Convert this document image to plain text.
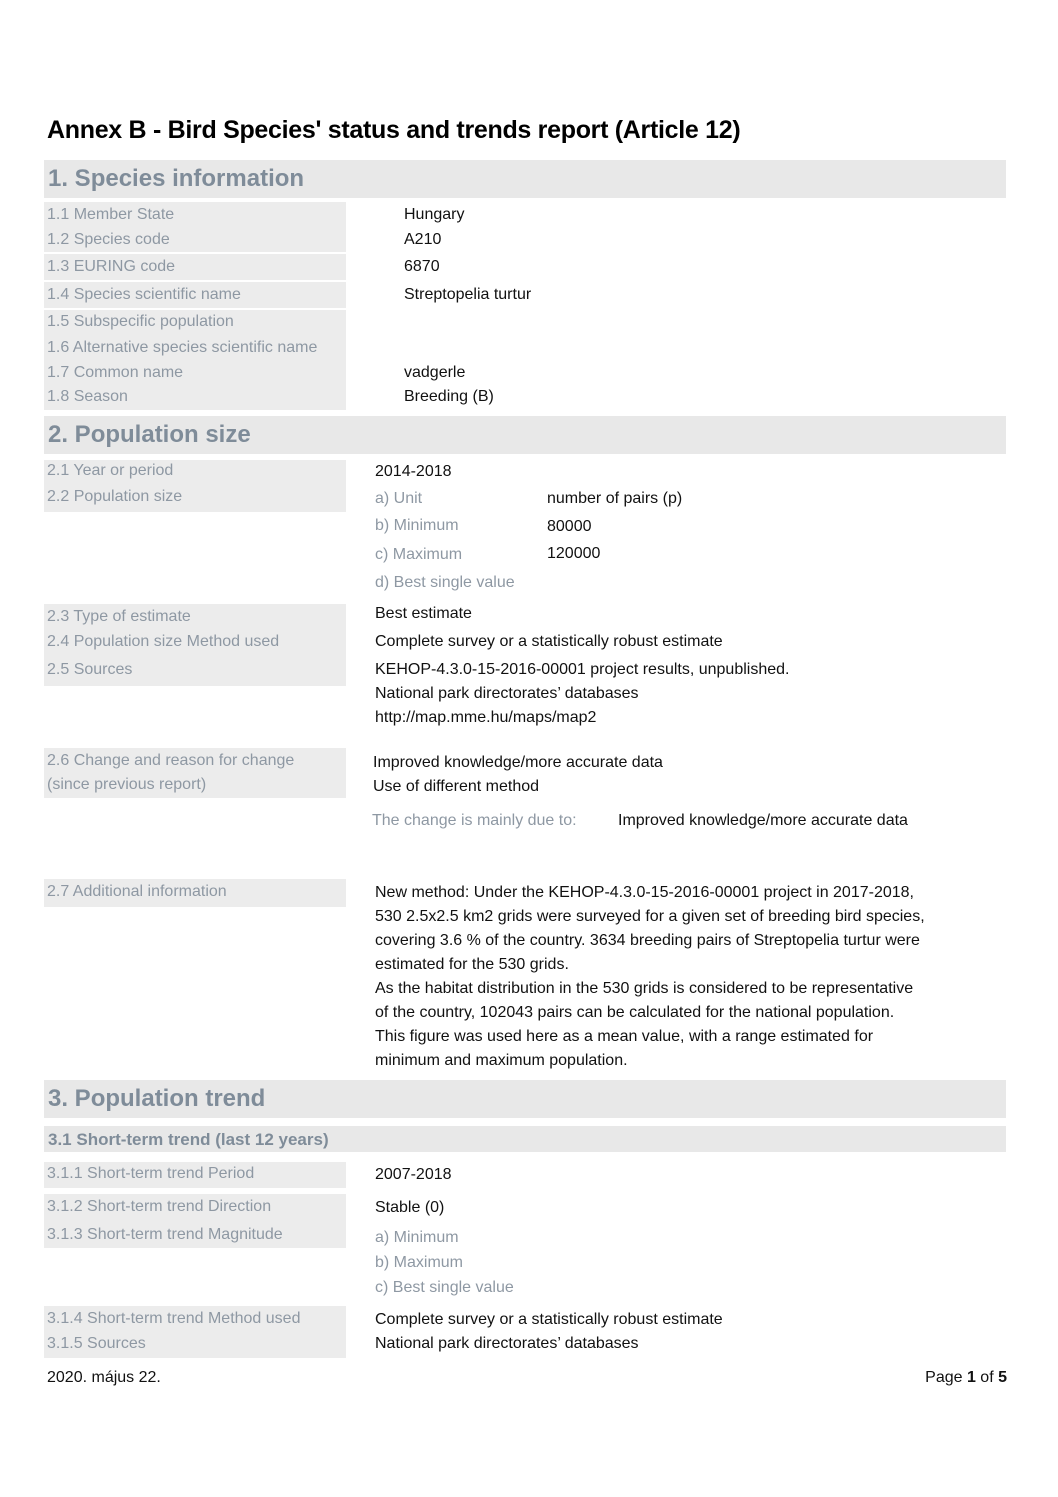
Annex B - Bird Species' status and trends report (Article 12)
1. Species information
1.1 Member State	Hungary
1.2 Species code	A210
1.3 EURING code	6870
1.4 Species scientific name	Streptopelia turtur
1.5 Subspecific population
1.6 Alternative species scientific name
1.7 Common name	vadgerle
1.8 Season	Breeding (B)
2. Population size
2.1 Year or period	2014-2018
2.2 Population size	a) Unit	number of pairs (p)
b) Minimum	80000
c) Maximum	120000
d) Best single value
2.3 Type of estimate	Best estimate
2.4 Population size Method used	Complete survey or a statistically robust estimate
2.5 Sources	KEHOP-4.3.0-15-2016-00001 project results, unpublished.
National park directorates’ databases
http://map.mme.hu/maps/map2
2.6 Change and reason for change
(since previous report)
Improved knowledge/more accurate data
Use of different method
The change is mainly due to:	Improved knowledge/more accurate data
2.7 Additional information	New method: Under the KEHOP-4.3.0-15-2016-00001 project in 2017-2018,
530 2.5x2.5 km2 grids were surveyed for a given set of breeding bird species,
covering 3.6 % of the country. 3634 breeding pairs of Streptopelia turtur were
estimated for the 530 grids.
As the habitat distribution in the 530 grids is considered to be representative
of the country, 102043 pairs can be calculated for the national population.
This figure was used here as a mean value, with a range estimated for
minimum and maximum population.
3. Population trend
3.1 Short-term trend (last 12 years)
3.1.1 Short-term trend Period	2007-2018
3.1.2 Short-term trend Direction	Stable (0)
3.1.3 Short-term trend Magnitude	a) Minimum
b) Maximum
c) Best single value
3.1.4 Short-term trend Method used	Complete survey or a statistically robust estimate
3.1.5 Sources	National park directorates’ databases
2020. május 22.	Page 1 of 5
